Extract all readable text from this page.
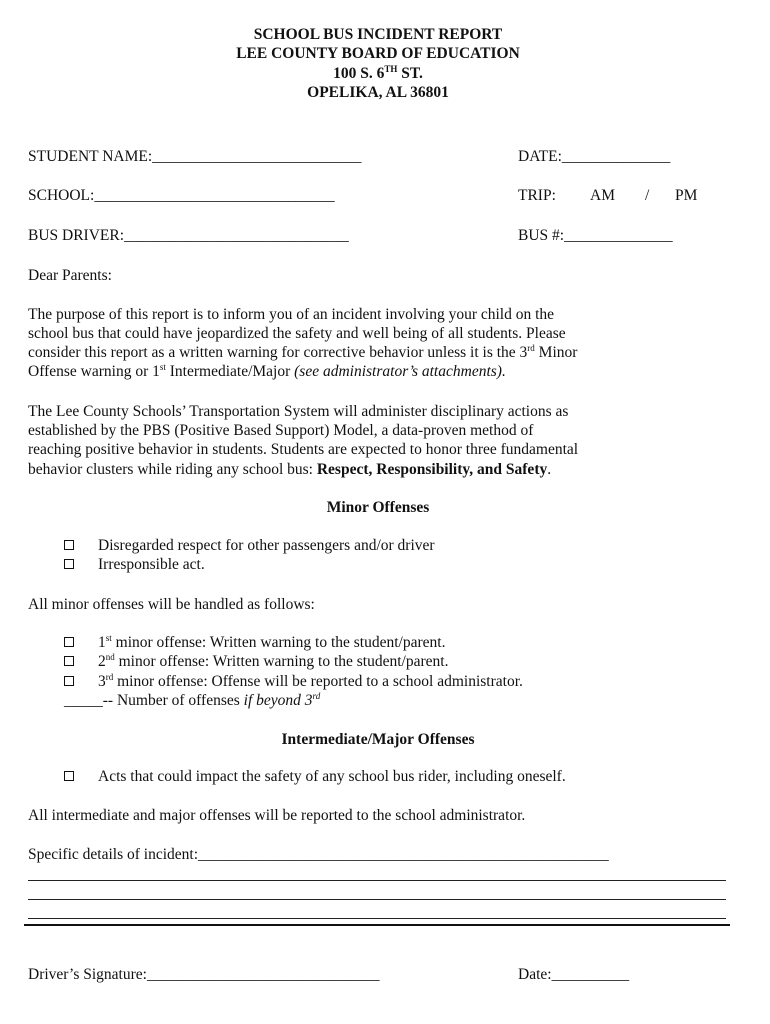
SCHOOL BUS INCIDENT REPORT
LEE COUNTY BOARD OF EDUCATION
100 S. 6TH ST.
OPELIKA, AL 36801
STUDENT NAME:___________________________	DATE:______________
SCHOOL:_______________________________	TRIP: AM / PM
BUS DRIVER:_____________________________	BUS #:______________
Dear Parents:
The purpose of this report is to inform you of an incident involving your child on the
school bus that could have jeopardized the safety and well being of all students. Please
consider this report as a written warning for corrective behavior unless it is the 3rd Minor
Offense warning or 1st Intermediate/Major (see administrator’s attachments).
The Lee County Schools’ Transportation System will administer disciplinary actions as
established by the PBS (Positive Based Support) Model, a data-proven method of
reaching positive behavior in students. Students are expected to honor three fundamental
behavior clusters while riding any school bus: Respect, Responsibility, and Safety.
Minor Offenses
Disregarded respect for other passengers and/or driver
Irresponsible act.
All minor offenses will be handled as follows:
1st minor offense: Written warning to the student/parent.
2nd minor offense: Written warning to the student/parent.
3rd minor offense: Offense will be reported to a school administrator.
_____-- Number of offenses if beyond 3rd
Intermediate/Major Offenses
Acts that could impact the safety of any school bus rider, including oneself.
All intermediate and major offenses will be reported to the school administrator.
Specific details of incident:_____________________________________________________
Driver’s Signature:______________________________	Date:__________
